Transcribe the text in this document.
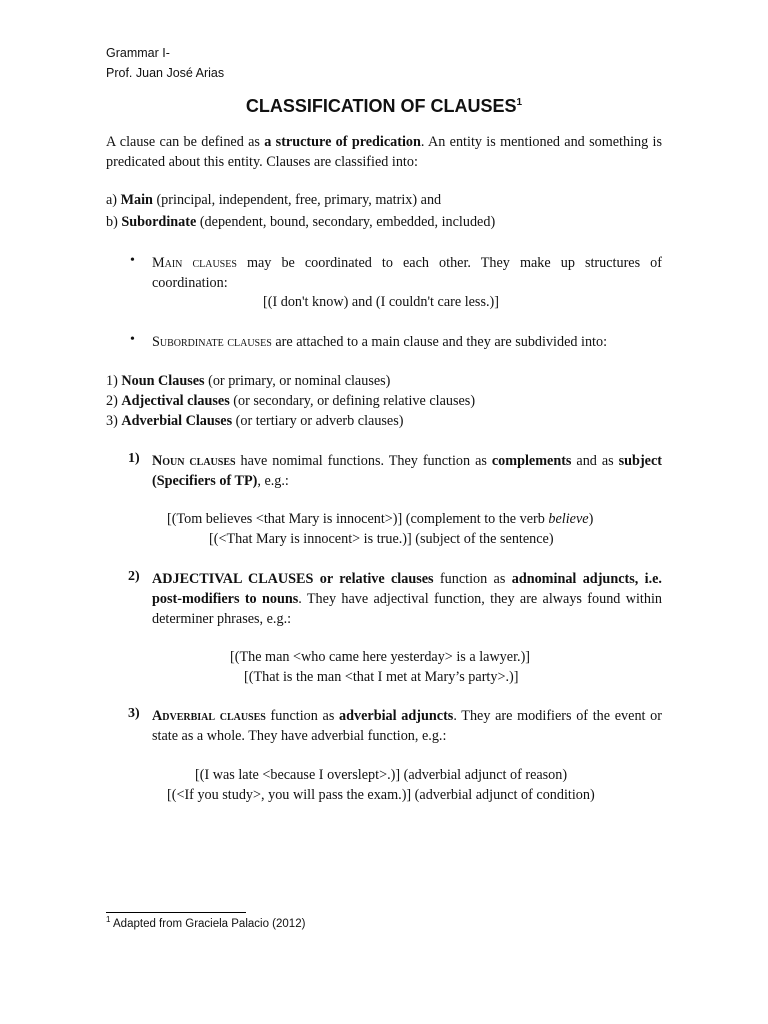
Grammar I-
Prof. Juan José Arias
CLASSIFICATION OF CLAUSES$^1$
A clause can be defined as a structure of predication. An entity is mentioned and something is predicated about this entity. Clauses are classified into:
a) Main (principal, independent, free, primary, matrix) and
b) Subordinate (dependent, bound, secondary, embedded, included)
• Main clauses may be coordinated to each other. They make up structures of coordination:
[(I don't know) and (I couldn't care less.)]
• Subordinate clauses are attached to a main clause and they are subdivided into:
1) Noun Clauses (or primary, or nominal clauses)
2) Adjectival clauses (or secondary, or defining relative clauses)
3) Adverbial Clauses (or tertiary or adverb clauses)
1) Noun clauses have nomimal functions. They function as complements and as subject (Specifiers of TP), e.g.:
[(Tom believes <that Mary is innocent>)] (complement to the verb believe)
[(<That Mary is innocent> is true.)] (subject of the sentence)
2) ADJECTIVAL CLAUSES or relative clauses function as adnominal adjuncts, i.e. post-modifiers to nouns. They have adjectival function, they are always found within determiner phrases, e.g.:
[(The man <who came here yesterday> is a lawyer.)]
[(That is the man <that I met at Mary’s party>.)]
3) Adverbial clauses function as adverbial adjuncts. They are modifiers of the event or state as a whole. They have adverbial function, e.g.:
[(I was late <because I overslept>.)] (adverbial adjunct of reason)
[(<If you study>, you will pass the exam.)] (adverbial adjunct of condition)
$^1$ Adapted from Graciela Palacio (2012)
